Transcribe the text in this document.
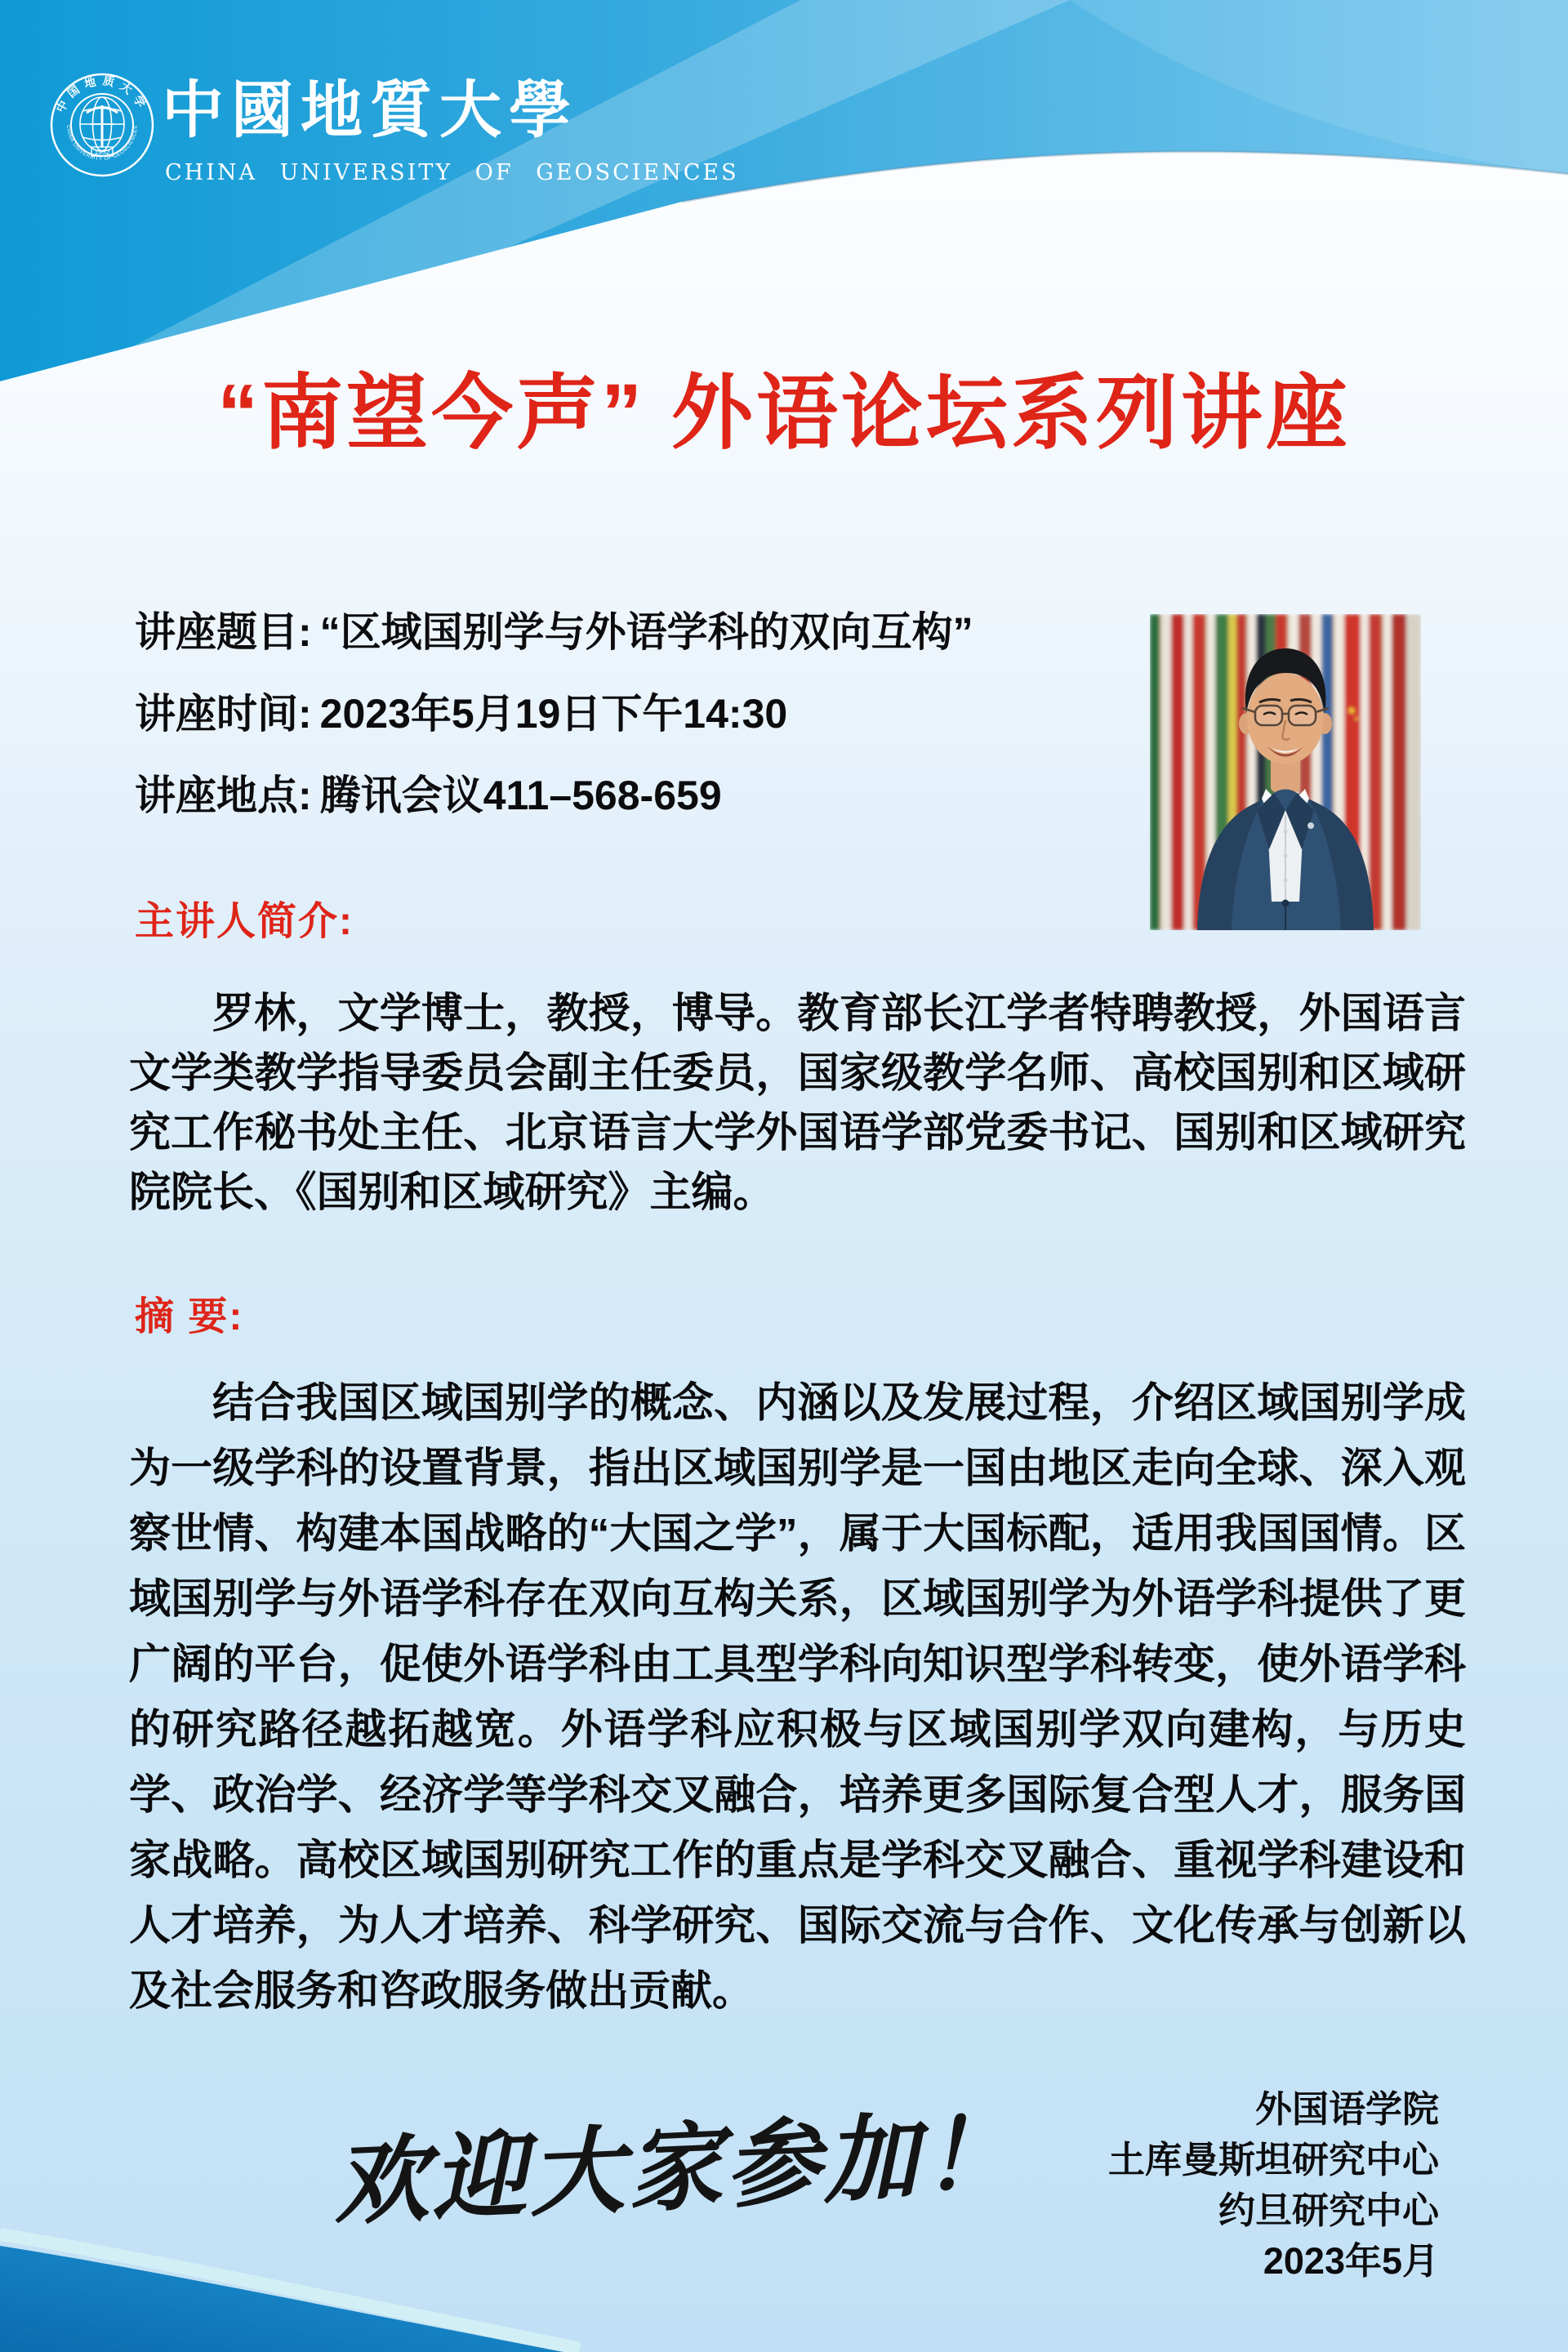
中国地质大学
CHINA UNIVERSITY OF GEOSCIENCES
1952
中國地質大學
CHINA UNIVERSITY OF GEOSCIENCES
“南望今声” 外语论坛系列讲座
讲座题目: “区域国别学与外语学科的双向互构”
讲座时间: 2023年5月19日下午14:30
讲座地点: 腾讯会议411–568-659
主讲人简介:

罗林，文学博士，教授，博导。教育部长江学者特聘教授，外国语言文学类教学指导委员会副主任委员，国家级教学名师、高校国别和区域研究工作秘书处主任、北京语言大学外国语学部党委书记、国别和区域研究院院长、《国别和区域研究》主编。

摘 要:

结合我国区域国别学的概念、内涵以及发展过程，介绍区域国别学成为一级学科的设置背景，指出区域国别学是一国由地区走向全球、深入观察世情、构建本国战略的“大国之学”，属于大国标配，适用我国国情。区域国别学与外语学科存在双向互构关系，区域国别学为外语学科提供了更广阔的平台，促使外语学科由工具型学科向知识型学科转变，使外语学科的研究路径越拓越宽。外语学科应积极与区域国别学双向建构，与历史学、政治学、经济学等学科交叉融合，培养更多国际复合型人才，服务国家战略。高校区域国别研究工作的重点是学科交叉融合、重视学科建设和人才培养，为人才培养、科学研究、国际交流与合作、文化传承与创新以及社会服务和咨政服务做出贡献。

欢迎大家参加！	外国语学院
土库曼斯坦研究中心
约旦研究中心
2023年5月
